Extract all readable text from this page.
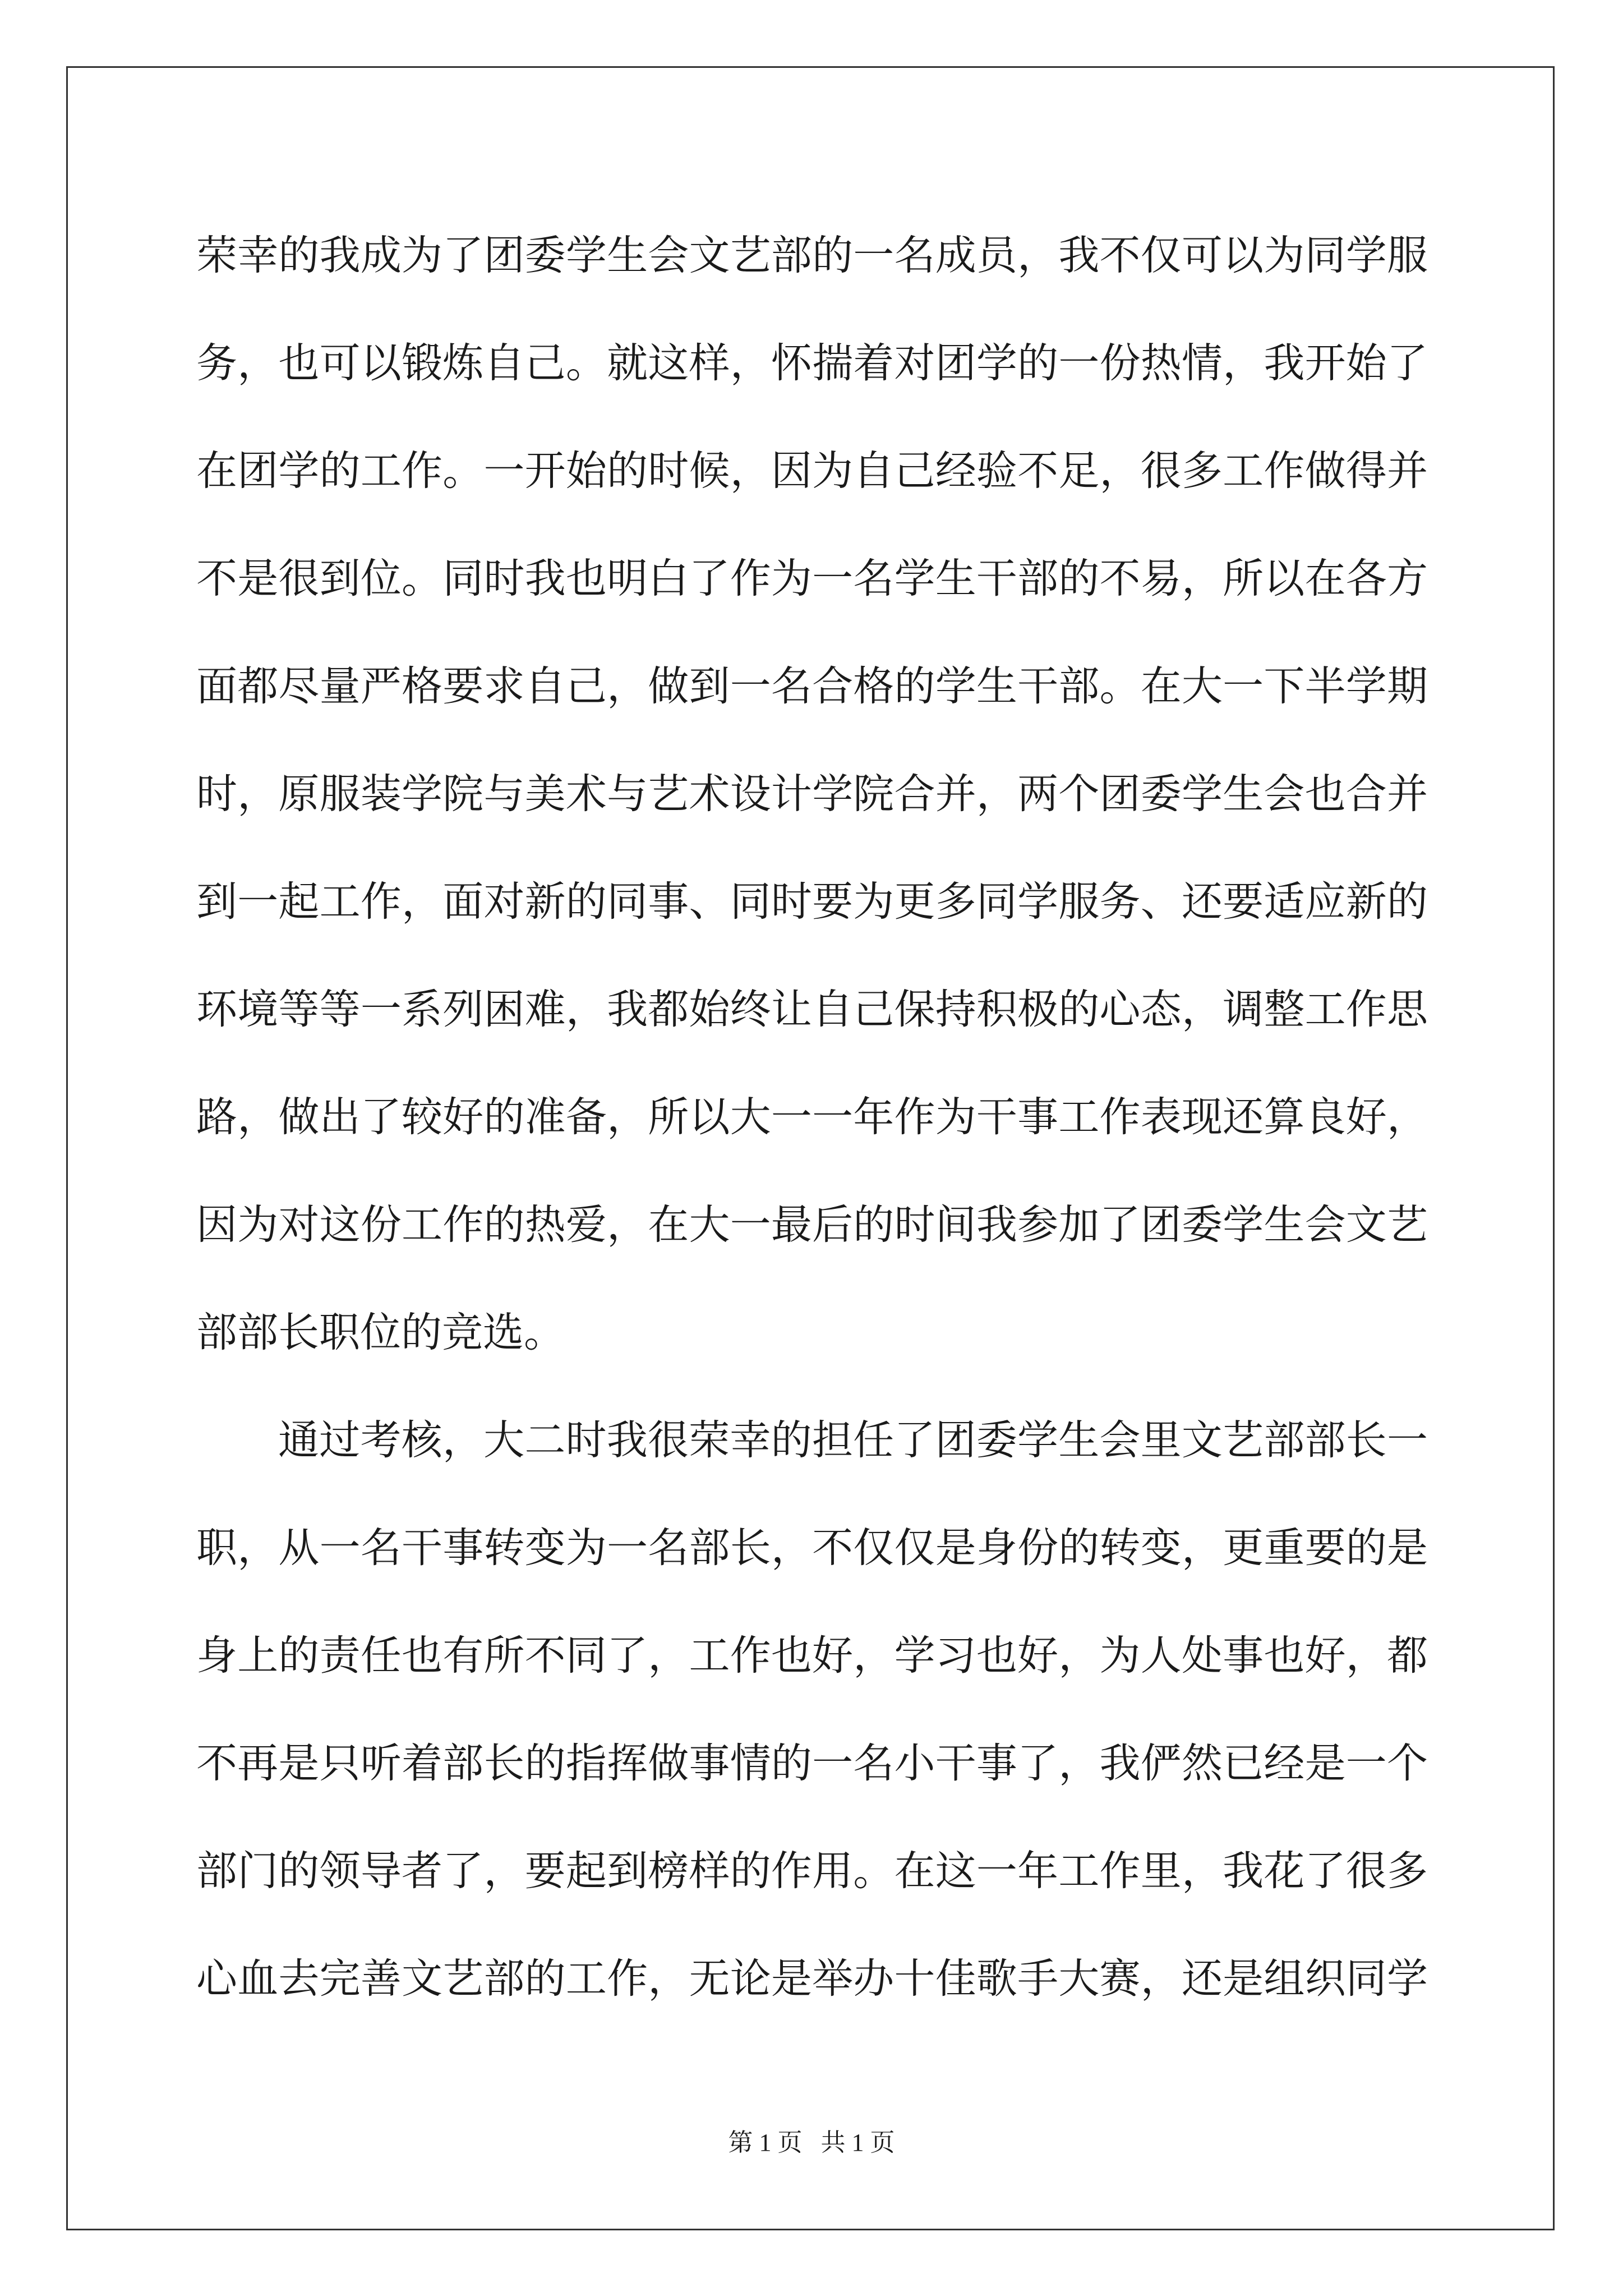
荣幸的我成为了团委学生会文艺部的一名成员，我不仅可以为同学服
务，也可以锻炼自己。就这样，怀揣着对团学的一份热情，我开始了
在团学的工作。一开始的时候，因为自己经验不足，很多工作做得并
不是很到位。同时我也明白了作为一名学生干部的不易，所以在各方
面都尽量严格要求自己，做到一名合格的学生干部。在大一下半学期
时，原服装学院与美术与艺术设计学院合并，两个团委学生会也合并
到一起工作，面对新的同事、同时要为更多同学服务、还要适应新的
环境等等一系列困难，我都始终让自己保持积极的心态，调整工作思
路，做出了较好的准备，所以大一一年作为干事工作表现还算良好，
因为对这份工作的热爱，在大一最后的时间我参加了团委学生会文艺
部部长职位的竞选。
通过考核，大二时我很荣幸的担任了团委学生会里文艺部部长一
职，从一名干事转变为一名部长，不仅仅是身份的转变，更重要的是
身上的责任也有所不同了，工作也好，学习也好，为人处事也好，都
不再是只听着部长的指挥做事情的一名小干事了，我俨然已经是一个
部门的领导者了，要起到榜样的作用。在这一年工作里，我花了很多
心血去完善文艺部的工作，无论是举办十佳歌手大赛，还是组织同学
第 1 页   共 1 页
